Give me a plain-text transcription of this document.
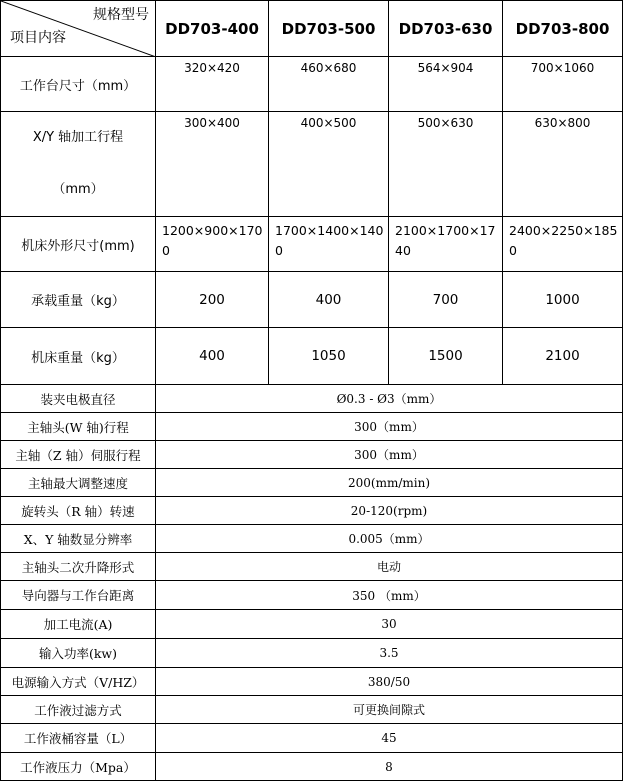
规格型号
项目内容	DD703-400	DD703-500	DD703-630	DD703-800
工作台尺寸（mm）	320×420	460×680	564×904	700×1060
X/Y 轴加工行程
（mm）	300×400	400×500	500×630	630×800
机床外形尺寸(mm)	1200×900×1700	1700×1400×1400	2100×1700×1740	2400×2250×1850
承载重量（kg）	200	400	700	1000
机床重量（kg）	400	1050	1500	2100
装夹电极直径	Ø0.3 - Ø3（mm）			
主轴头(W 轴)行程	300（mm）			
主轴（Z 轴）伺服行程	300（mm）			
主轴最大调整速度	200(mm/min)			
旋转头（R 轴）转速	20-120(rpm)			
X、Y 轴数显分辨率	0.005（mm）			
主轴头二次升降形式	电动			
导向器与工作台距离	350 （mm）			
加工电流(A)	30			
输入功率(kw)	3.5			
电源输入方式（V/HZ）	380/50			
工作液过滤方式	可更换间隙式			
工作液桶容量（L）	45			
工作液压力（Mpa）	8			
